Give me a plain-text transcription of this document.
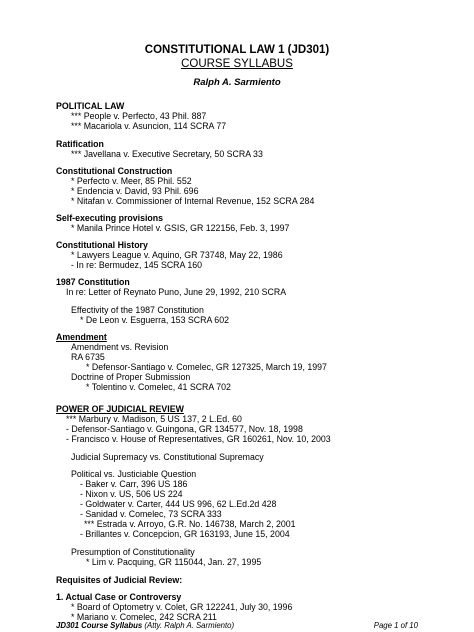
CONSTITUTIONAL LAW 1 (JD301)
COURSE SYLLABUS
Ralph A. Sarmiento
POLITICAL LAW
*** People v. Perfecto, 43 Phil. 887
*** Macariola v. Asuncion, 114 SCRA 77
Ratification
*** Javellana v. Executive Secretary, 50 SCRA 33
Constitutional Construction
* Perfecto v. Meer, 85 Phil. 552
* Endencia v. David, 93 Phil. 696
* Nitafan v. Commissioner of Internal Revenue, 152 SCRA 284
Self-executing provisions
* Manila Prince Hotel v. GSIS, GR 122156, Feb. 3, 1997
Constitutional History
* Lawyers League v. Aquino, GR 73748, May 22, 1986
- In re: Bermudez, 145 SCRA 160
1987 Constitution
In re: Letter of Reynato Puno, June 29, 1992, 210 SCRA
Effectivity of the 1987 Constitution
* De Leon v. Esguerra, 153 SCRA 602
Amendment
Amendment vs. Revision
RA 6735
* Defensor-Santiago v. Comelec, GR 127325, March 19, 1997
Doctrine of Proper Submission
* Tolentino v. Comelec, 41 SCRA 702
POWER OF JUDICIAL REVIEW
*** Marbury v. Madison, 5 US 137, 2 L.Ed. 60
- Defensor-Santiago v. Guingona, GR 134577, Nov. 18, 1998
- Francisco v. House of Representatives, GR 160261, Nov. 10, 2003
Judicial Supremacy vs. Constitutional Supremacy
Political vs. Justiciable Question
- Baker v. Carr, 396 US 186
- Nixon v. US, 506 US 224
- Goldwater v. Carter, 444 US 996, 62 L.Ed.2d 428
- Sanidad v. Comelec, 73 SCRA 333
*** Estrada v. Arroyo, G.R. No. 146738, March 2, 2001
- Brillantes v. Concepcion, GR 163193, June 15, 2004
Presumption of Constitutionality
* Lim v. Pacquing, GR 115044, Jan. 27, 1995
Requisites of Judicial Review:
1. Actual Case or Controversy
* Board of Optometry v. Colet, GR 122241, July 30, 1996
* Mariano v. Comelec, 242 SCRA 211
JD301 Course Syllabus (Atty. Ralph A. Sarmiento)	Page 1 of 10
